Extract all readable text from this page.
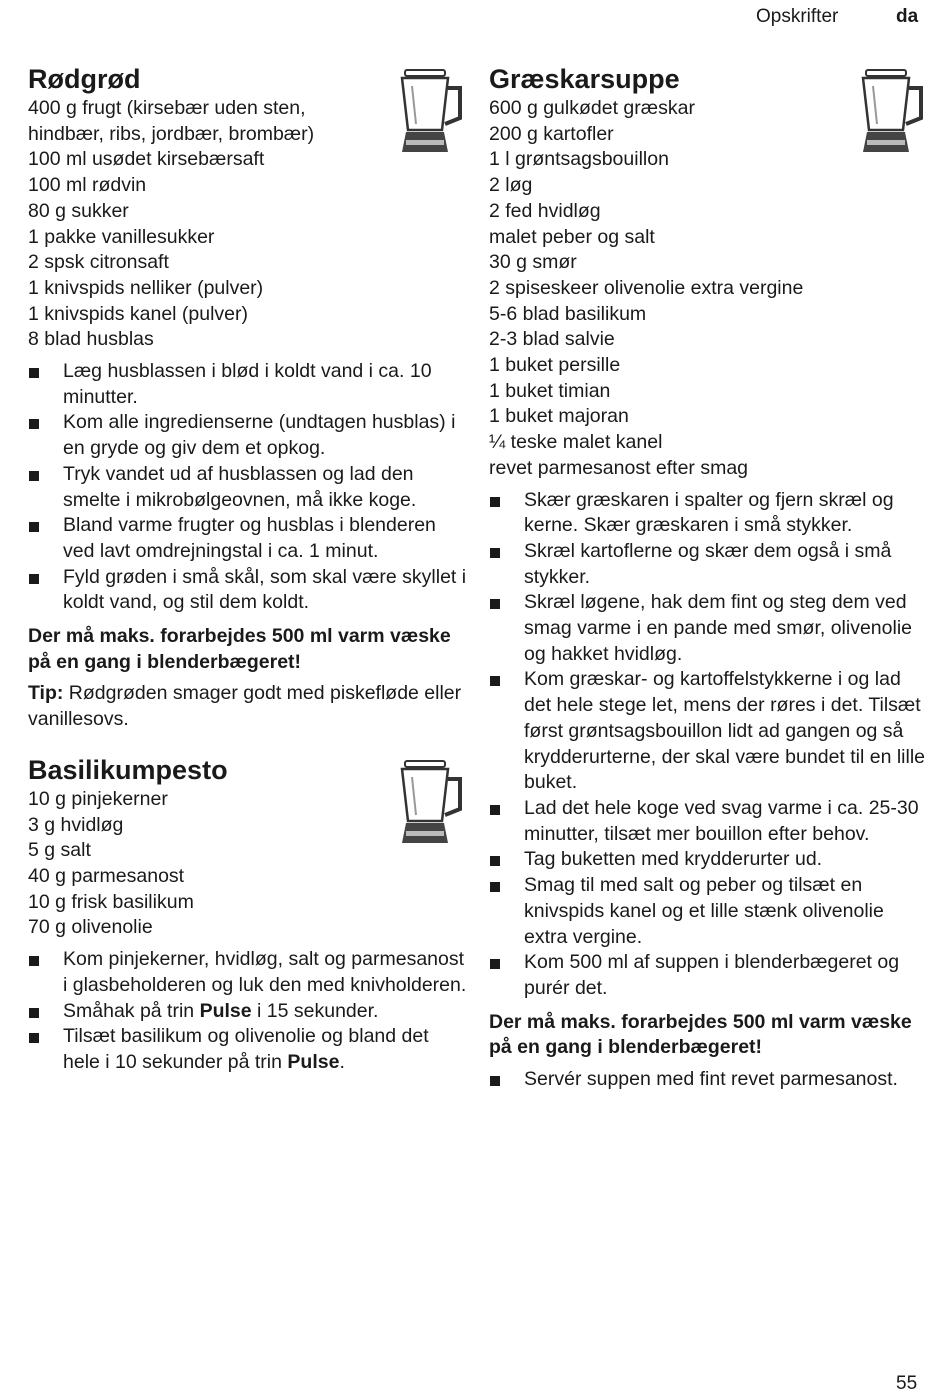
Opskrifter	da
Rødgrød
400 g frugt (kirsebær uden sten,
hindbær, ribs, jordbær, brombær)
100 ml usødet kirsebærsaft
100 ml rødvin
80 g sukker
1 pakke vanillesukker
2 spsk citronsaft
1 knivspids nelliker (pulver)
1 knivspids kanel (pulver)
8 blad husblas
Læg husblassen i blød i koldt vand i ca. 10 minutter.
Kom alle ingredienserne (undtagen husblas) i en gryde og giv dem et opkog.
Tryk vandet ud af husblassen og lad den smelte i mikrobølgeovnen, må ikke koge.
Bland varme frugter og husblas i blenderen ved lavt omdrejningstal i ca. 1 minut.
Fyld grøden i små skål, som skal være skyllet i koldt vand, og stil dem koldt.

Der må maks. forarbejdes 500 ml varm væske på en gang i blenderbægeret!

Tip: Rødgrøden smager godt med piskefløde eller vanillesovs.

Basilikumpesto
10 g pinjekerner
3 g hvidløg
5 g salt
40 g parmesanost
10 g frisk basilikum
70 g olivenolie
Kom pinjekerner, hvidløg, salt og parmesanost i glasbeholderen og luk den med knivholderen.
Småhak på trin Pulse i 15 sekunder.
Tilsæt basilikum og olivenolie og bland det hele i 10 sekunder på trin Pulse.
Græskarsuppe
600 g gulkødet græskar
200 g kartofler
1 l grøntsagsbouillon
2 løg
2 fed hvidløg
malet peber og salt
30 g smør
2 spiseskeer olivenolie extra vergine
5-6 blad basilikum
2-3 blad salvie
1 buket persille
1 buket timian
1 buket majoran
¼ teske malet kanel
revet parmesanost efter smag
Skær græskaren i spalter og fjern skræl og kerne. Skær græskaren i små stykker.
Skræl kartoflerne og skær dem også i små stykker.
Skræl løgene, hak dem fint og steg dem ved smag varme i en pande med smør, olivenolie og hakket hvidløg.
Kom græskar- og kartoffelstykkerne i og lad det hele stege let, mens der røres i det. Tilsæt først grøntsagsbouillon lidt ad gangen og så krydderurterne, der skal være bundet til en lille buket.
Lad det hele koge ved svag varme i ca. 25-30 minutter, tilsæt mer bouillon efter behov.
Tag buketten med krydderurter ud.
Smag til med salt og peber og tilsæt en knivspids kanel og et lille stænk olivenolie extra vergine.
Kom 500 ml af suppen i blenderbægeret og purér det.

Der må maks. forarbejdes 500 ml varm væske på en gang i blenderbægeret!

Servér suppen med fint revet parmesanost.
55
